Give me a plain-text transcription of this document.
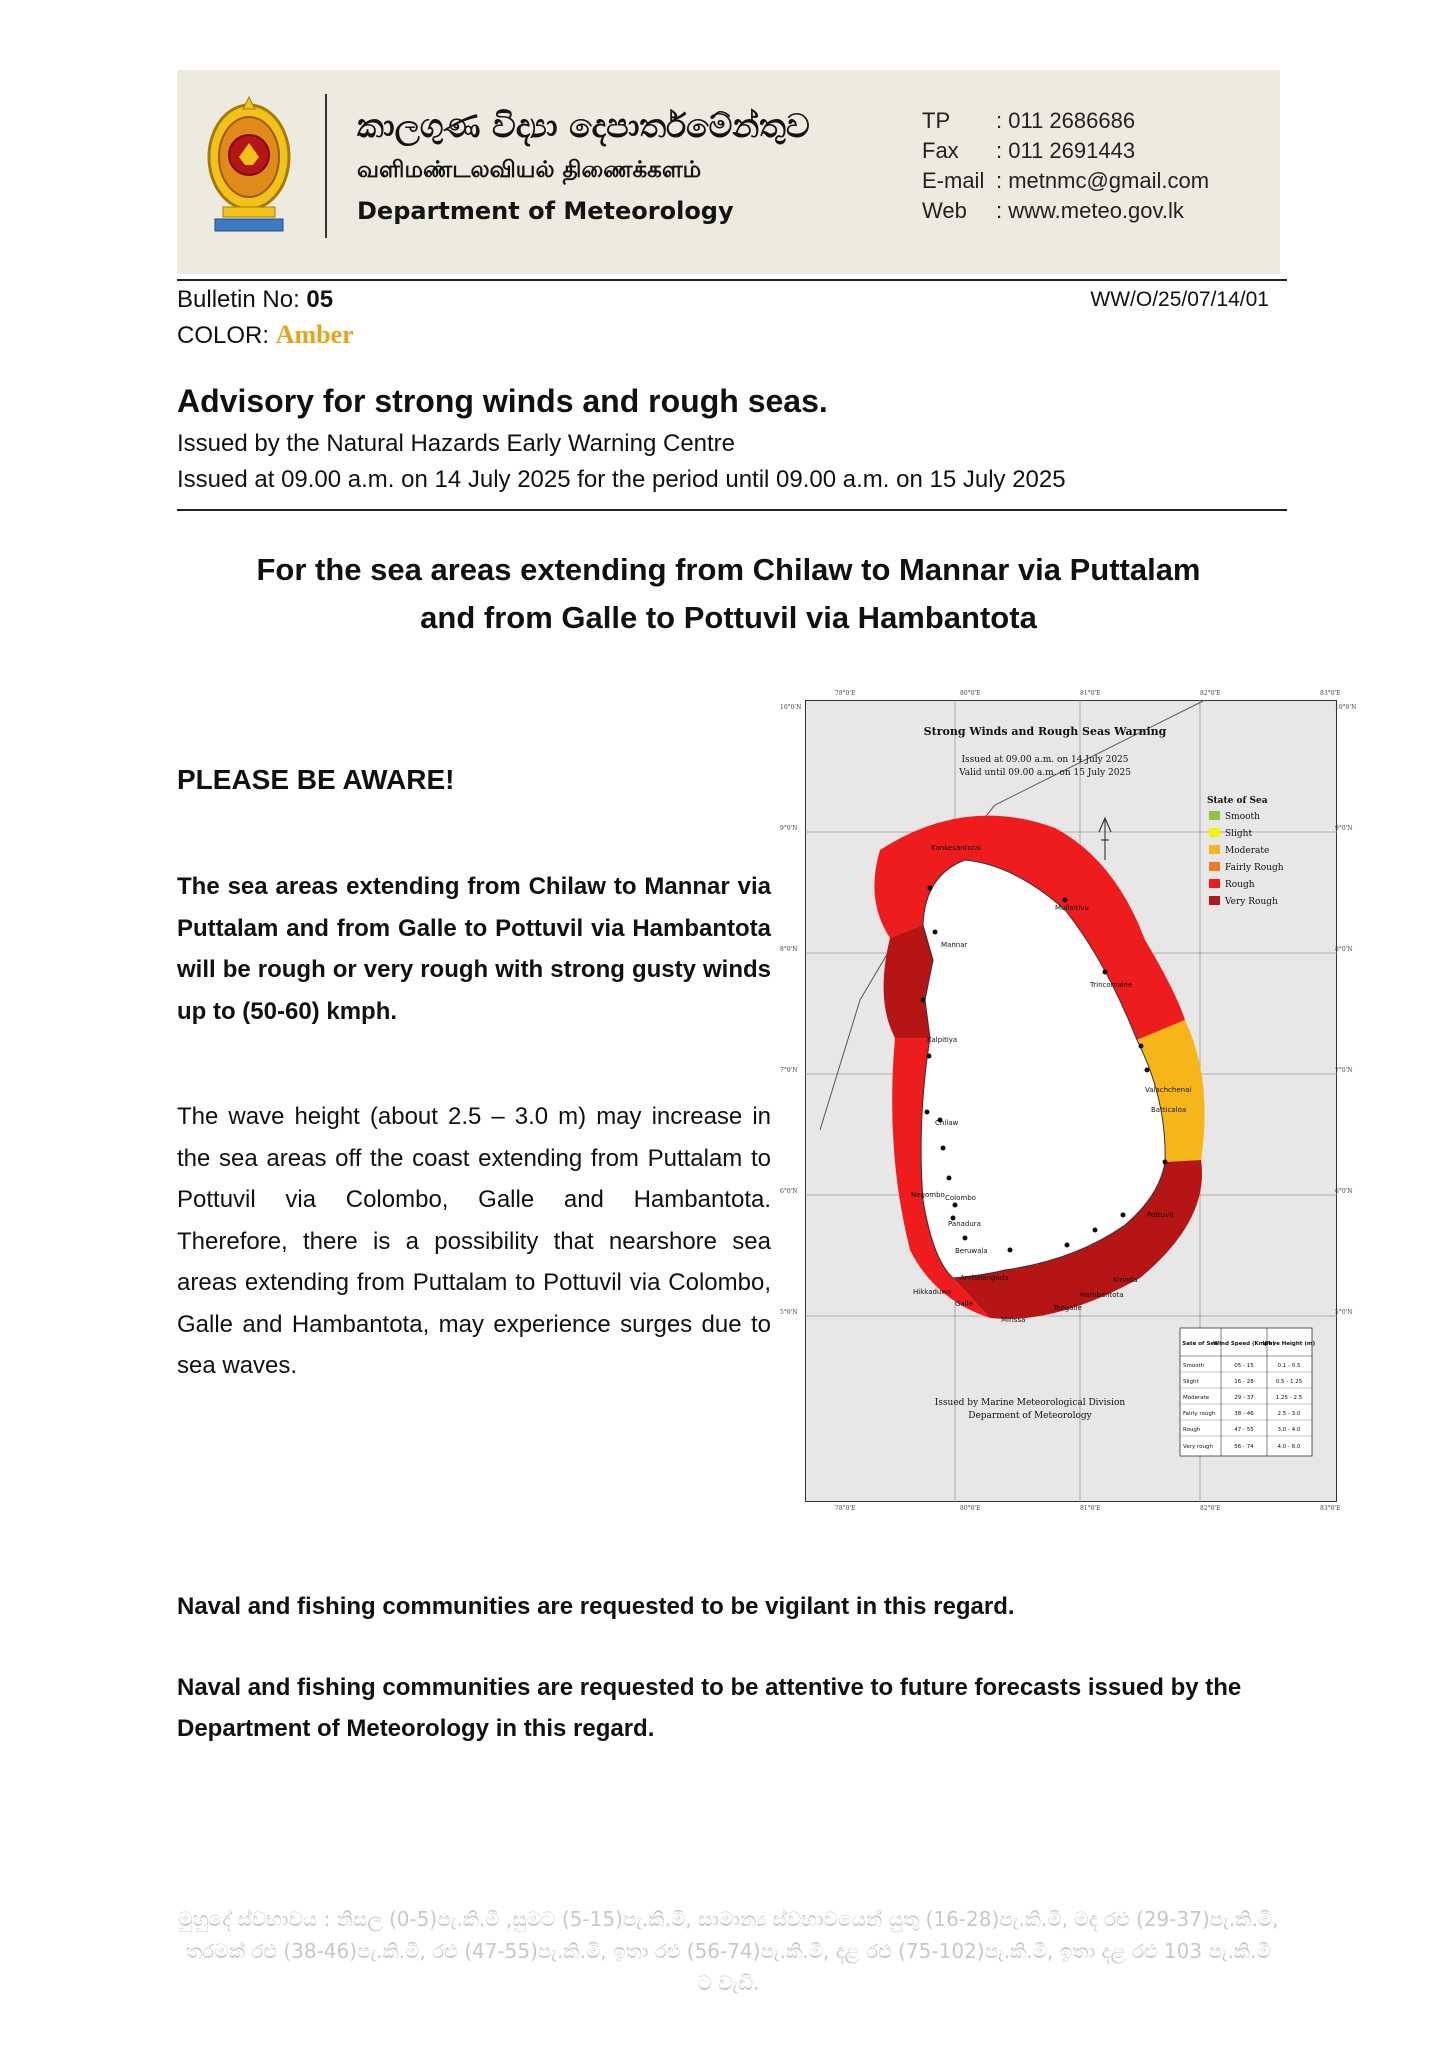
කාලගුණ විද්‍යා දෙපාර්තමේන්තුව
வளிமண்டலவியல் திணைக்களம்
Department of Meteorology
TP : 011 2686686
Fax : 011 2691443
E-mail : metnmc@gmail.com
Web : www.meteo.gov.lk
Bulletin No: 05
COLOR: Amber
WW/O/25/07/14/01
Advisory for strong winds and rough seas.
Issued by the Natural Hazards Early Warning Centre
Issued at 09.00 a.m. on 14 July 2025 for the period until 09.00 a.m. on 15 July 2025
For the sea areas extending from Chilaw to Mannar via Puttalam
and from Galle to Pottuvil via Hambantota
PLEASE BE AWARE!
The sea areas extending from Chilaw to Mannar via Puttalam and from Galle to Pottuvil via Hambantota will be rough or very rough with strong gusty winds up to (50-60) kmph.
The wave height (about 2.5 – 3.0 m) may increase in the sea areas off the coast extending from Puttalam to Pottuvil via Colombo, Galle and Hambantota. Therefore, there is a possibility that nearshore sea areas extending from Puttalam to Pottuvil via Colombo, Galle and Hambantota, may experience surges due to sea waves.
78°0'E	80°0'E	81°0'E	82°0'E	83°0'E
78°0'E	80°0'E	81°0'E	82°0'E	83°0'E
10°0'N
9°0'N
8°0'N
7°0'N
6°0'N
5°0'N
10°0'N
9°0'N
8°0'N
7°0'N
6°0'N
5°0'N
Kankesanturai
Mullaitivu
Mannar
Trincomalee
Kalpitiya
Valachchenai
Batticaloa
Chilaw
Colombo
Negombo
Panadura
Pottuvil
Beruwala
Ambalangoda
Hikkaduwa
Galle
Mirissa
Tangalle
Hambantota
Kirinda
Strong Winds and Rough Seas Warning
Issued at 09.00 a.m. on 14 July 2025
Valid until 09.00 a.m. on 15 July 2025
Issued by Marine Meteorological Division
Deparment of Meteorology
State of Sea
Smooth
Slight
Moderate
Fairly Rough
Rough
Very Rough
Sate of Sea
Wind Speed (Kmph)
Wave Height (m)
Smooth	05 - 15	0.1 - 0.5
Slight	16 - 28	0.5 - 1.25
Moderate	29 - 37	1.25 - 2.5
Fairly rough	38 - 46	2.5 - 3.0
Rough	47 - 55	3.0 - 4.0
Very rough	56 - 74	4.0 - 6.0
Naval and fishing communities are requested to be vigilant in this regard.
Naval and fishing communities are requested to be attentive to future forecasts issued by the Department of Meteorology in this regard.
මුහුදේ ස්වභාවය : නිසල (0-5)පැ.කි.මී ,සුමට (5-15)පැ.කි.මී, සාමාන්‍ය ස්වභාවයෙන් යුතු (16-28)පැ.කි.මී, මද රළු (29-37)පැ.කි.මී, තරමක් රළු (38-46)පැ.කි.මී, රළු (47-55)පැ.කි.මී, ඉතා රළු (56-74)පැ.කි.මී, දළ රළු (75-102)පැ.කි.මී, ඉතා දළ රළු 103 පැ.කි.මී ට වැඩි.
